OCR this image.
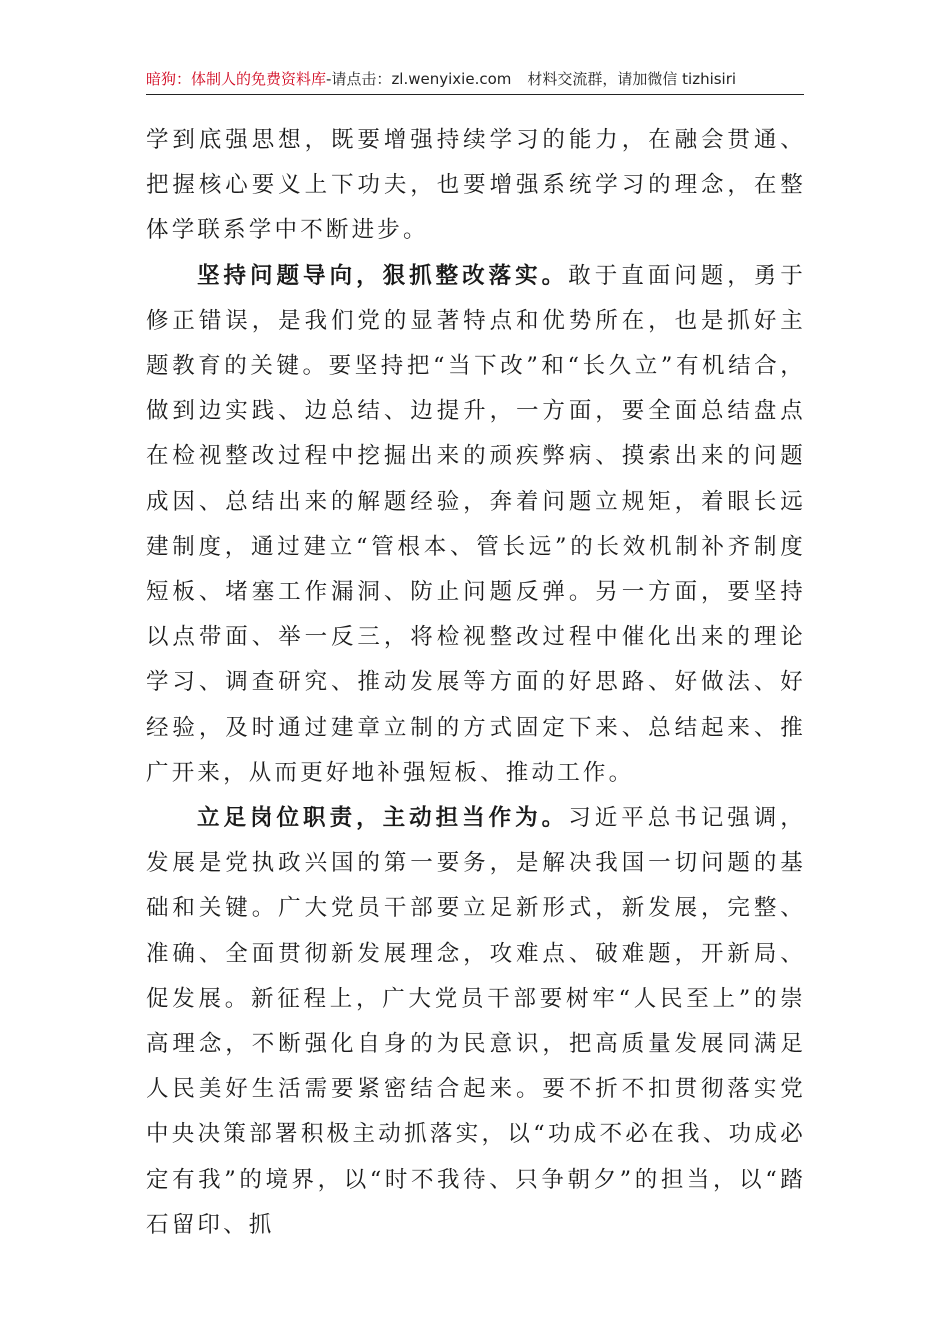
暗狗：体制人的免费资料库-请点击：zl.wenyixie.com 材料交流群，请加微信 tizhisiri

学到底强思想，既要增强持续学习的能力，在融会贯通、把握核心要义上下功夫，也要增强系统学习的理念，在整体学联系学中不断进步。

坚持问题导向，狠抓整改落实。敢于直面问题，勇于修正错误，是我们党的显著特点和优势所在，也是抓好主题教育的关键。要坚持把“当下改”和“长久立”有机结合，做到边实践、边总结、边提升，一方面，要全面总结盘点在检视整改过程中挖掘出来的顽疾弊病、摸索出来的问题成因、总结出来的解题经验，奔着问题立规矩，着眼长远建制度，通过建立“管根本、管长远”的长效机制补齐制度短板、堵塞工作漏洞、防止问题反弹。另一方面，要坚持以点带面、举一反三，将检视整改过程中催化出来的理论学习、调查研究、推动发展等方面的好思路、好做法、好经验，及时通过建章立制的方式固定下来、总结起来、推广开来，从而更好地补强短板、推动工作。

立足岗位职责，主动担当作为。习近平总书记强调，发展是党执政兴国的第一要务，是解决我国一切问题的基础和关键。广大党员干部要立足新形式，新发展，完整、准确、全面贯彻新发展理念，攻难点、破难题，开新局、促发展。新征程上，广大党员干部要树牢“人民至上”的崇高理念，不断强化自身的为民意识，把高质量发展同满足人民美好生活需要紧密结合起来。要不折不扣贯彻落实党中央决策部署积极主动抓落实，以“功成不必在我、功成必定有我”的境界，以“时不我待、只争朝夕”的担当，以“踏石留印、抓
